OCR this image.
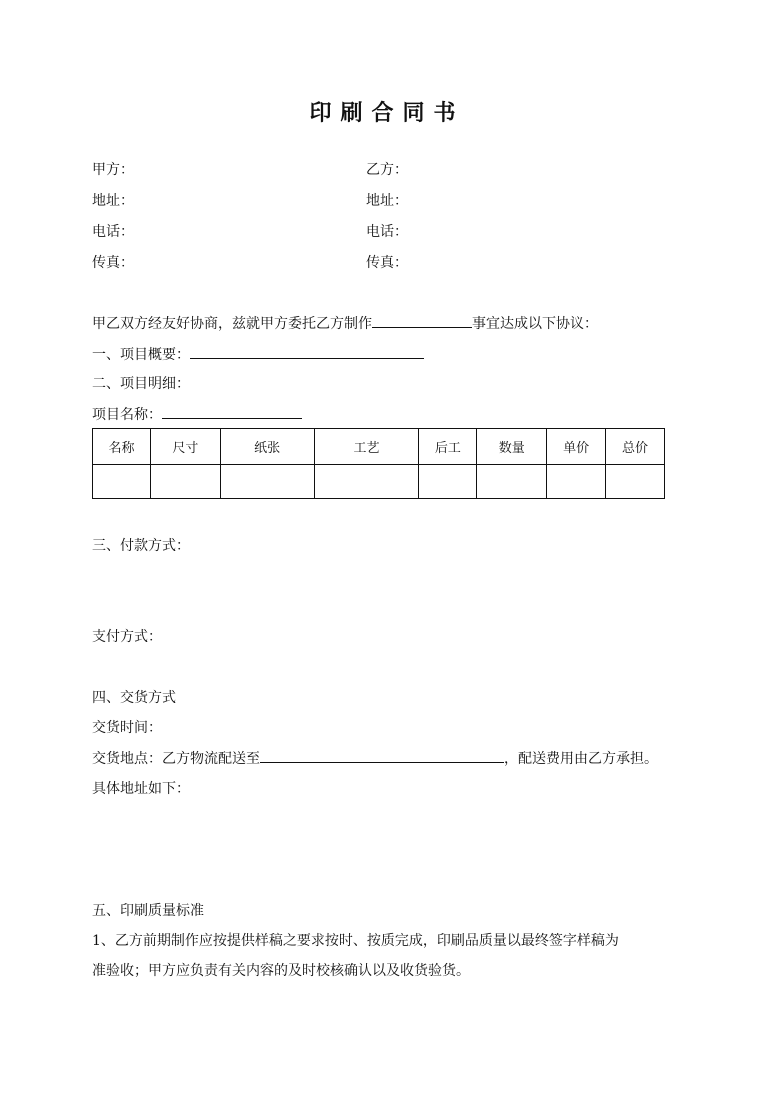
印刷合同书
甲方：	乙方：
地址：	地址：
电话：	电话：
传真：	传真：
甲乙双方经友好协商，兹就甲方委托乙方制作	事宜达成以下协议：
一、项目概要：
二、项目明细：
项目名称：
名称	尺寸	纸张	工艺	后工	数量	单价	总价

三、付款方式：
支付方式：
四、交货方式
交货时间：
交货地点：乙方物流配送至	，配送费用由乙方承担。
具体地址如下：
五、印刷质量标准
1、乙方前期制作应按提供样稿之要求按时、按质完成，印刷品质量以最终签字样稿为
准验收；甲方应负责有关内容的及时校核确认以及收货验货。
